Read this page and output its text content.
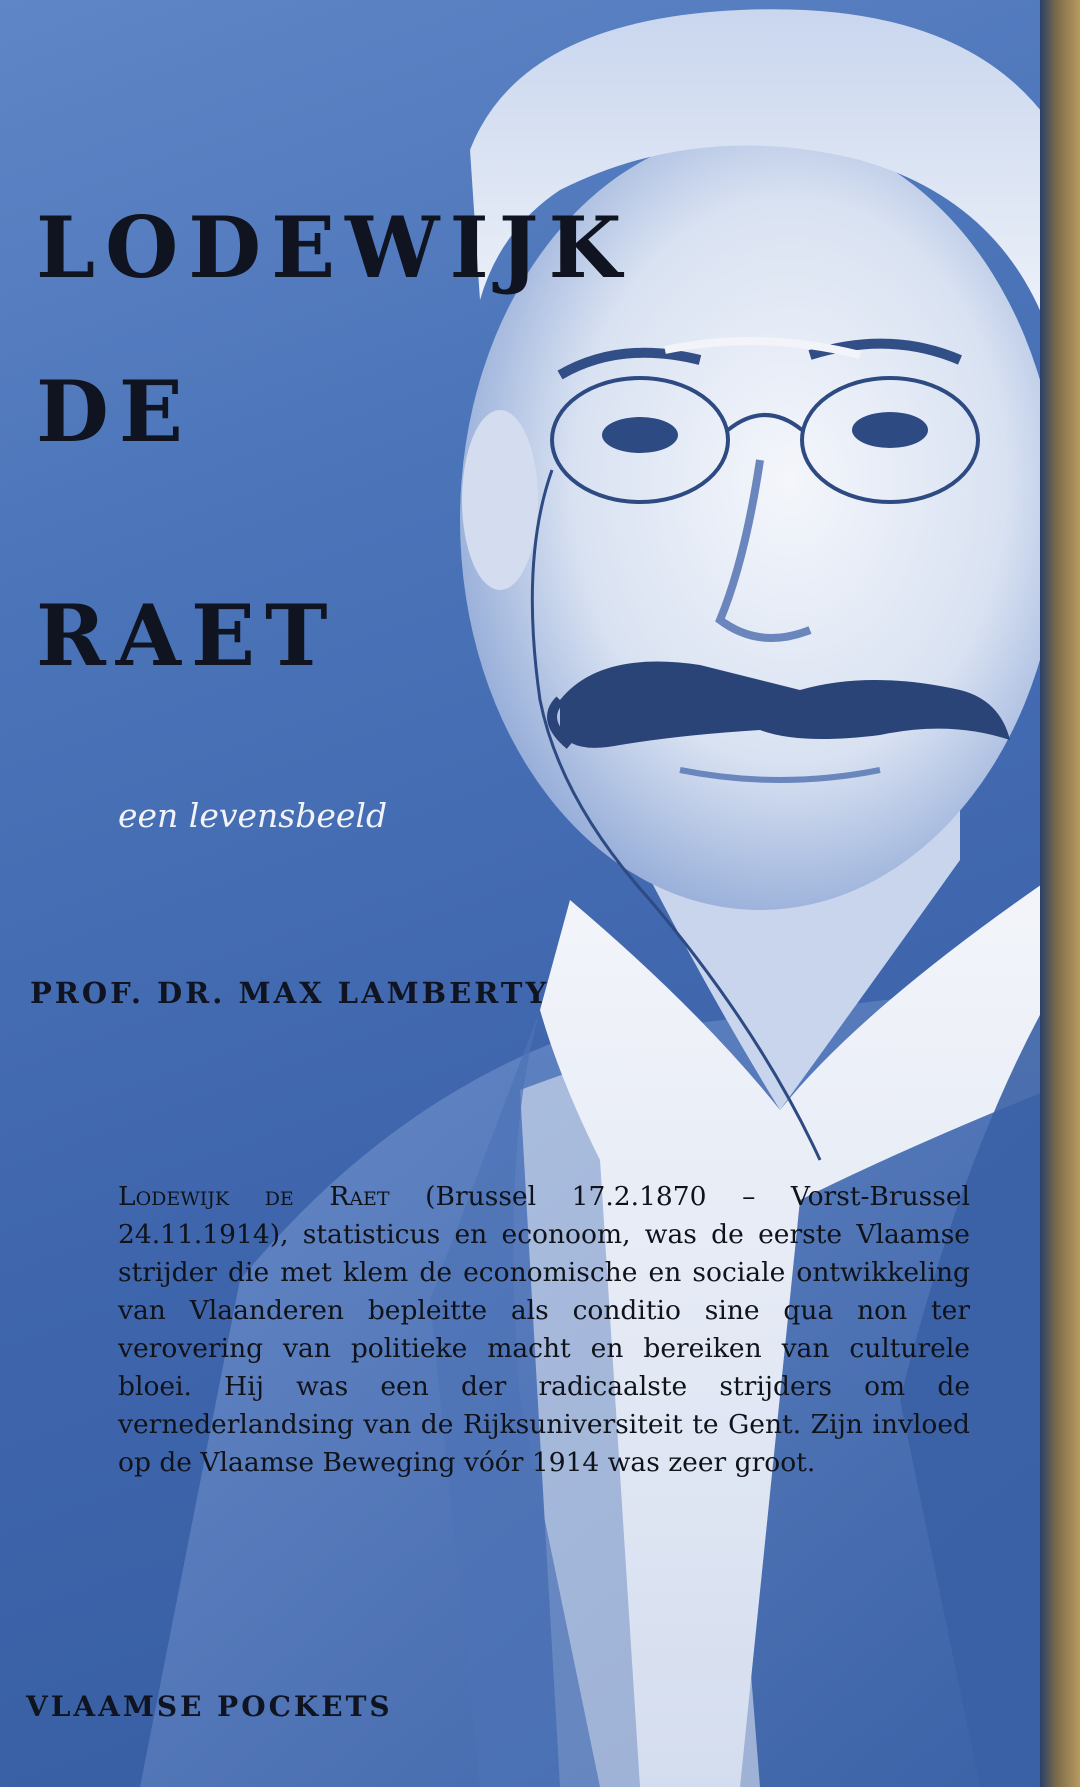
LODEWIJK
DE
RAET
een levensbeeld
PROF. DR. MAX LAMBERTY
Lodewijk de Raet (Brussel 17.2.1870 – Vorst-Brussel 24.11.1914), statisticus en econoom, was de eerste Vlaamse strijder die met klem de economische en sociale ontwikkeling van Vlaanderen bepleitte als conditio sine qua non ter verovering van politieke macht en bereiken van culturele bloei. Hij was een der radicaalste strijders om de vernederlandsing van de Rijksuniversiteit te Gent. Zijn invloed op de Vlaamse Beweging vóór 1914 was zeer groot.
VLAAMSE POCKETS
